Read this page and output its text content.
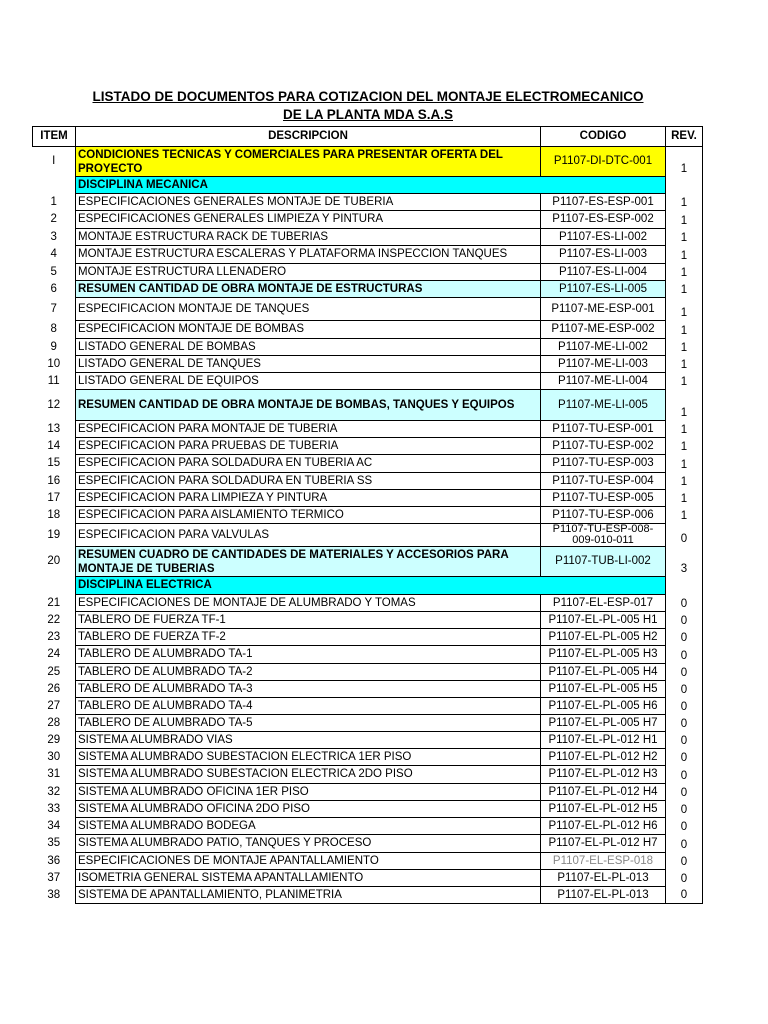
LISTADO DE DOCUMENTOS PARA COTIZACION DEL MONTAJE ELECTROMECANICO
DE LA PLANTA MDA S.A.S
ITEM	DESCRIPCION	CODIGO	REV.
I	CONDICIONES TECNICAS Y COMERCIALES PARA PRESENTAR OFERTA DEL PROYECTO	P1107-DI-DTC-001	1
	DISCIPLINA MECANICA		
1	ESPECIFICACIONES GENERALES MONTAJE DE TUBERIA	P1107-ES-ESP-001	1
2	ESPECIFICACIONES GENERALES LIMPIEZA Y PINTURA	P1107-ES-ESP-002	1
3	MONTAJE ESTRUCTURA RACK DE TUBERIAS	P1107-ES-LI-002	1
4	MONTAJE ESTRUCTURA ESCALERAS Y PLATAFORMA INSPECCION TANQUES	P1107-ES-LI-003	1
5	MONTAJE ESTRUCTURA LLENADERO	P1107-ES-LI-004	1
6	RESUMEN CANTIDAD DE OBRA MONTAJE DE ESTRUCTURAS	P1107-ES-LI-005	1
7	ESPECIFICACION MONTAJE DE TANQUES	P1107-ME-ESP-001	1
8	ESPECIFICACION MONTAJE DE BOMBAS	P1107-ME-ESP-002	1
9	LISTADO GENERAL DE BOMBAS	P1107-ME-LI-002	1
10	LISTADO GENERAL DE TANQUES	P1107-ME-LI-003	1
11	LISTADO GENERAL DE EQUIPOS	P1107-ME-LI-004	1
12	RESUMEN CANTIDAD DE OBRA MONTAJE DE BOMBAS, TANQUES Y EQUIPOS	P1107-ME-LI-005	1
13	ESPECIFICACION PARA MONTAJE DE TUBERIA	P1107-TU-ESP-001	1
14	ESPECIFICACION PARA PRUEBAS DE TUBERIA	P1107-TU-ESP-002	1
15	ESPECIFICACION PARA SOLDADURA EN TUBERIA AC	P1107-TU-ESP-003	1
16	ESPECIFICACION PARA SOLDADURA EN TUBERIA SS	P1107-TU-ESP-004	1
17	ESPECIFICACION PARA LIMPIEZA Y PINTURA	P1107-TU-ESP-005	1
18	ESPECIFICACION PARA AISLAMIENTO TERMICO	P1107-TU-ESP-006	1
19	ESPECIFICACION PARA VALVULAS	P1107-TU-ESP-008-009-010-011	0
20	RESUMEN CUADRO DE CANTIDADES DE MATERIALES Y ACCESORIOS PARA MONTAJE DE TUBERIAS	P1107-TUB-LI-002	3
	DISCIPLINA ELECTRICA		
21	ESPECIFICACIONES DE MONTAJE DE ALUMBRADO Y TOMAS	P1107-EL-ESP-017	0
22	TABLERO DE FUERZA TF-1	P1107-EL-PL-005 H1	0
23	TABLERO DE FUERZA TF-2	P1107-EL-PL-005 H2	0
24	TABLERO DE ALUMBRADO TA-1	P1107-EL-PL-005 H3	0
25	TABLERO DE ALUMBRADO TA-2	P1107-EL-PL-005 H4	0
26	TABLERO DE ALUMBRADO TA-3	P1107-EL-PL-005 H5	0
27	TABLERO DE ALUMBRADO TA-4	P1107-EL-PL-005 H6	0
28	TABLERO DE ALUMBRADO TA-5	P1107-EL-PL-005 H7	0
29	SISTEMA ALUMBRADO VIAS	P1107-EL-PL-012 H1	0
30	SISTEMA ALUMBRADO SUBESTACION ELECTRICA 1ER PISO	P1107-EL-PL-012 H2	0
31	SISTEMA ALUMBRADO SUBESTACION ELECTRICA 2DO PISO	P1107-EL-PL-012 H3	0
32	SISTEMA ALUMBRADO OFICINA 1ER PISO	P1107-EL-PL-012 H4	0
33	SISTEMA ALUMBRADO OFICINA 2DO PISO	P1107-EL-PL-012 H5	0
34	SISTEMA ALUMBRADO BODEGA	P1107-EL-PL-012 H6	0
35	SISTEMA ALUMBRADO PATIO, TANQUES Y PROCESO	P1107-EL-PL-012 H7	0
36	ESPECIFICACIONES DE MONTAJE APANTALLAMIENTO	P1107-EL-ESP-018	0
37	ISOMETRIA GENERAL SISTEMA APANTALLAMIENTO	P1107-EL-PL-013	0
38	SISTEMA DE APANTALLAMIENTO, PLANIMETRIA	P1107-EL-PL-013	0
